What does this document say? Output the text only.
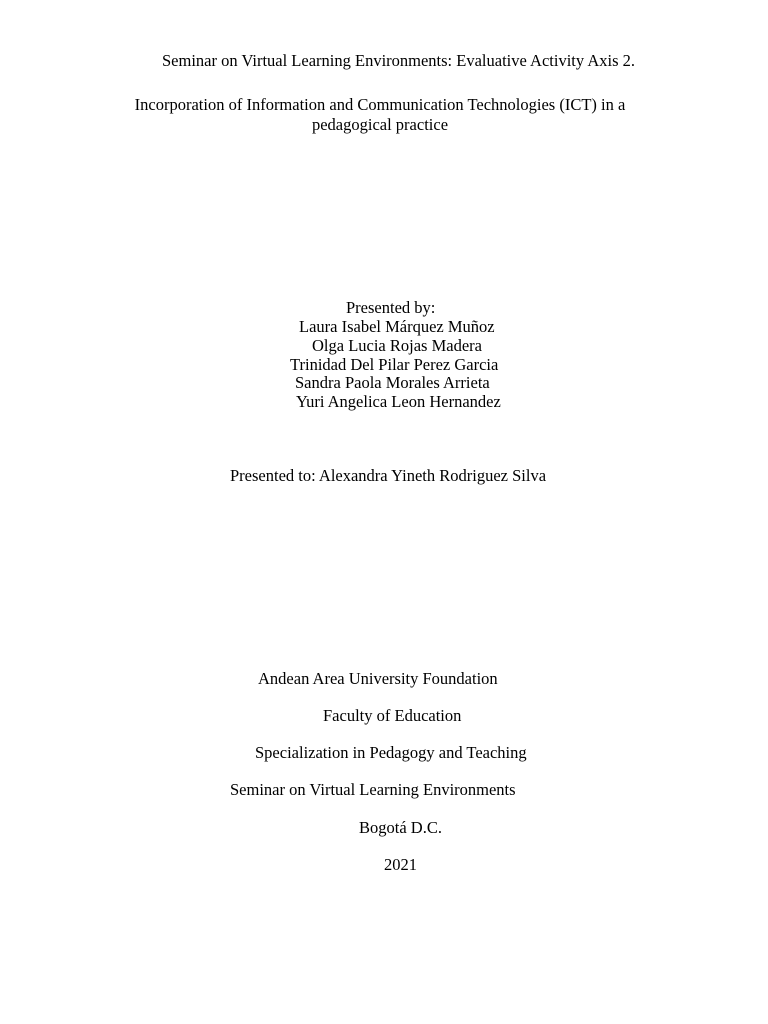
Seminar on Virtual Learning Environments: Evaluative Activity Axis 2.
Incorporation of Information and Communication Technologies (ICT) in a
pedagogical practice
Presented by:
Laura Isabel Márquez Muñoz
Olga Lucia Rojas Madera
Trinidad Del Pilar Perez Garcia
Sandra Paola Morales Arrieta
Yuri Angelica Leon Hernandez
Presented to: Alexandra Yineth Rodriguez Silva
Andean Area University Foundation
Faculty of Education
Specialization in Pedagogy and Teaching
Seminar on Virtual Learning Environments
Bogotá D.C.
2021
